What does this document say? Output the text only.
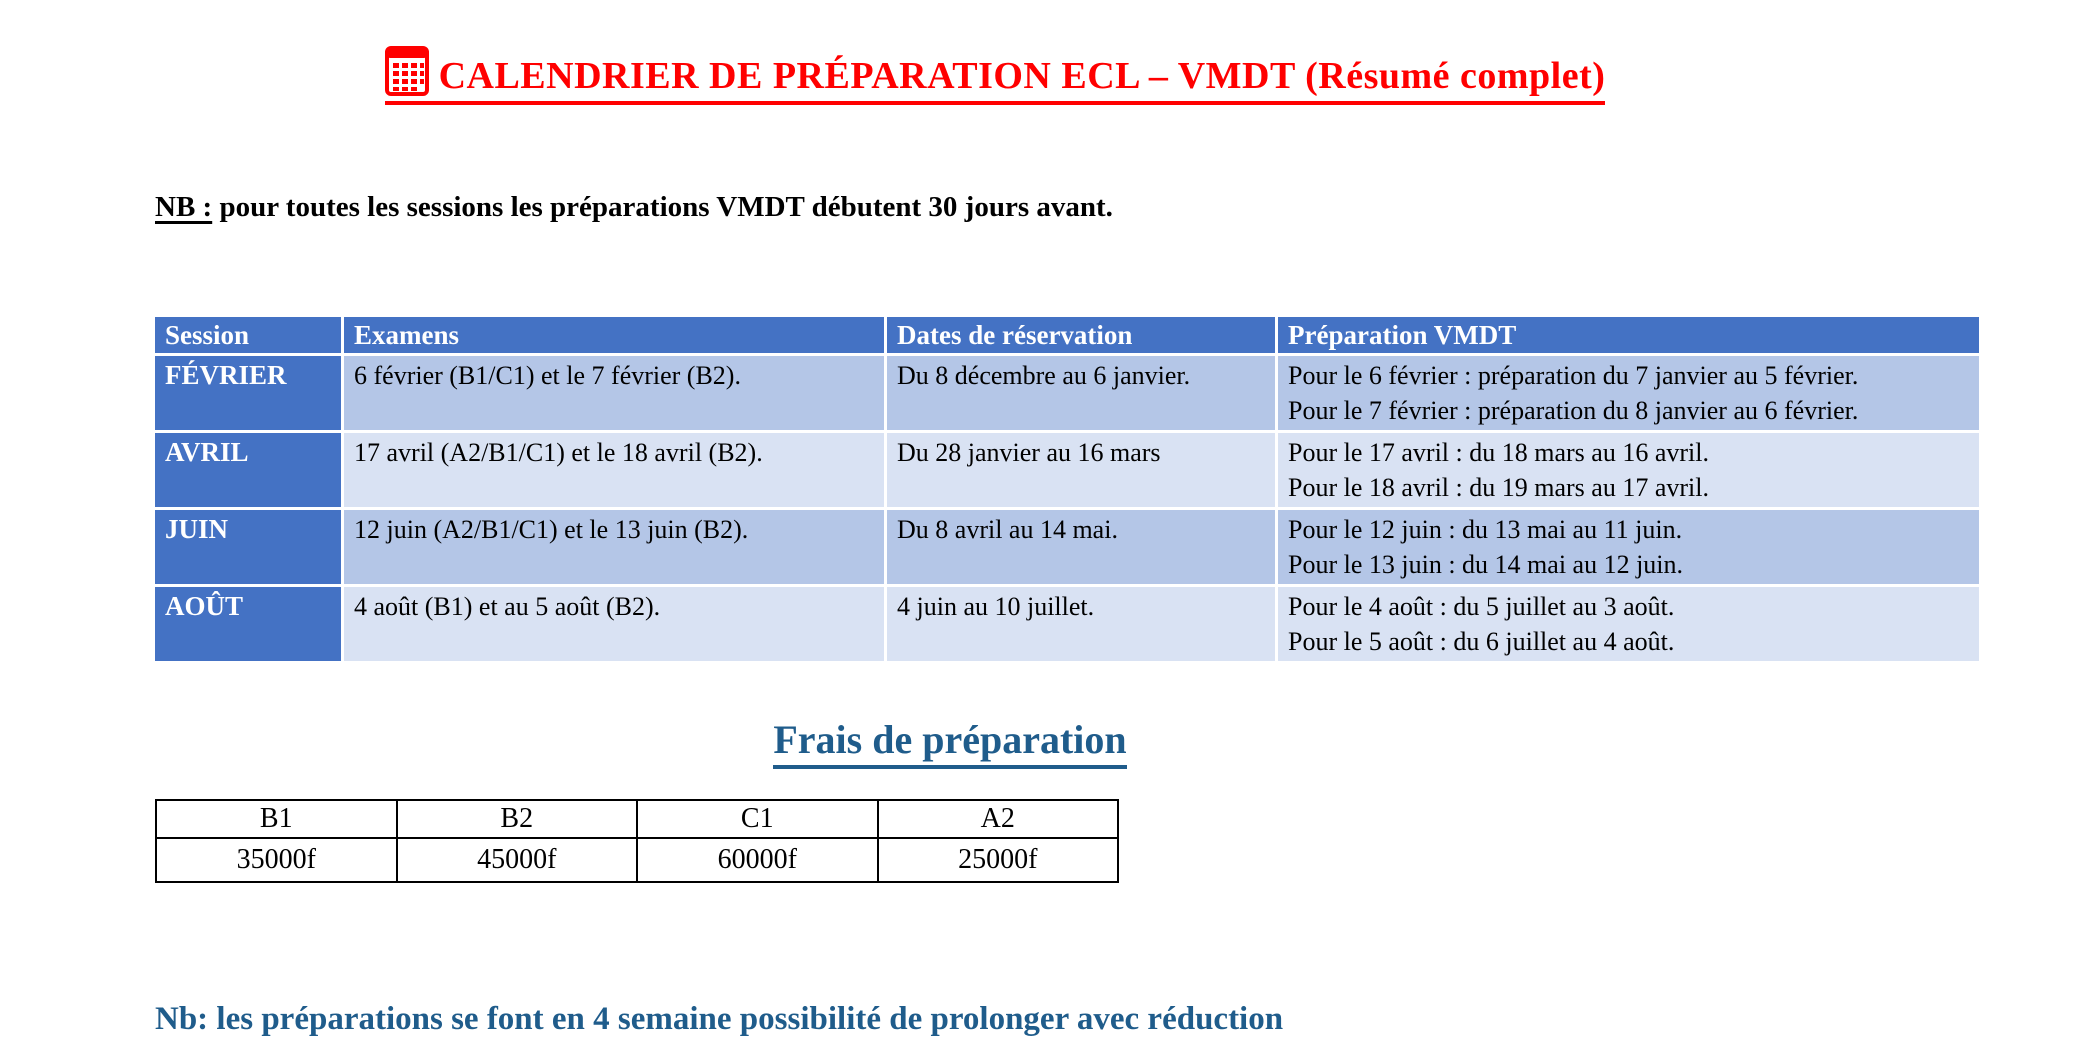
CALENDRIER DE PRÉPARATION ECL – VMDT (Résumé complet)

NB : pour toutes les sessions les préparations VMDT débutent 30 jours avant.

Session	Examens	Dates de réservation	Préparation VMDT
FÉVRIER	6 février (B1/C1) et le 7 février (B2).	Du 8 décembre au 6 janvier.	Pour le 6 février : préparation du 7 janvier au 5 février.
Pour le 7 février : préparation du 8 janvier au 6 février.

AVRIL	17 avril (A2/B1/C1) et le 18 avril (B2).	Du 28 janvier au 16 mars	Pour le 17 avril : du 18 mars au 16 avril.
Pour le 18 avril : du 19 mars au 17 avril.

JUIN	12 juin (A2/B1/C1) et le 13 juin (B2).	Du 8 avril au 14 mai.	Pour le 12 juin : du 13 mai au 11 juin.
Pour le 13 juin : du 14 mai au 12 juin.

AOÛT	4 août (B1) et au 5 août (B2).	4 juin au 10 juillet.	Pour le 4 août : du 5 juillet au 3 août.
Pour le 5 août : du 6 juillet au 4 août.
Frais de préparation
B1	B2	C1	A2
35000f	45000f	60000f	25000f

Nb: les préparations se font en 4 semaine possibilité de prolonger avec réduction
